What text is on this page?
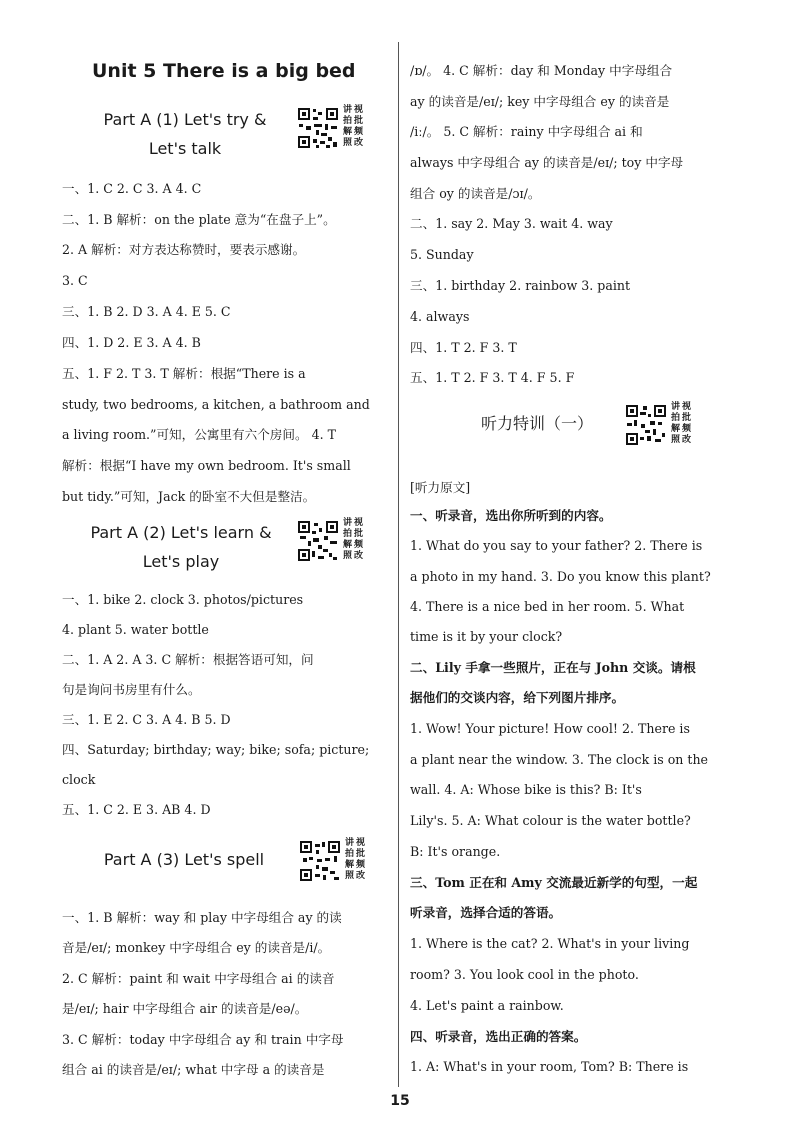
Unit 5 There is a big bed
Part A (1) Let's try &
Let's talk
讲
拍
解
照
视
批
频
改
一、1. C 2. C 3. A 4. C
二、1. B 解析：on the plate 意为“在盘子上”。
2. A 解析：对方表达称赞时，要表示感谢。
3. C
三、1. B 2. D 3. A 4. E 5. C
四、1. D 2. E 3. A 4. B
五、1. F 2. T 3. T 解析：根据“There is a
study, two bedrooms, a kitchen, a bathroom and
a living room.”可知，公寓里有六个房间。 4. T
解析：根据“I have my own bedroom. It's small
but tidy.”可知，Jack 的卧室不大但是整洁。
一、1. bike 2. clock 3. photos/pictures
4. plant 5. water bottle
二、1. A 2. A 3. C 解析：根据答语可知，问
句是询问书房里有什么。
三、1. E 2. C 3. A 4. B 5. D
四、Saturday; birthday; way; bike; sofa; picture;
clock
五、1. C 2. E 3. AB 4. D
一、1. B 解析：way 和 play 中字母组合 ay 的读
音是/eɪ/; monkey 中字母组合 ey 的读音是/i/。
2. C 解析：paint 和 wait 中字母组合 ai 的读音
是/eɪ/; hair 中字母组合 air 的读音是/eə/。
3. C 解析：today 中字母组合 ay 和 train 中字母
组合 ai 的读音是/eɪ/; what 中字母 a 的读音是
Part A (2) Let's learn &
Let's play
讲
拍
解
照
视
批
频
改
Part A (3) Let's spell
讲
拍
解
照
视
批
频
改
/ɒ/。 4. C 解析：day 和 Monday 中字母组合
ay 的读音是/eɪ/; key 中字母组合 ey 的读音是
/iː/。 5. C 解析：rainy 中字母组合 ai 和
always 中字母组合 ay 的读音是/eɪ/; toy 中字母
组合 oy 的读音是/ɔɪ/。
二、1. say 2. May 3. wait 4. way
5. Sunday
三、1. birthday 2. rainbow 3. paint
4. always
四、1. T 2. F 3. T
五、1. T 2. F 3. T 4. F 5. F
[听力原文]
一、听录音，选出你所听到的内容。
1. What do you say to your father? 2. There is
a photo in my hand. 3. Do you know this plant?
4. There is a nice bed in her room. 5. What
time is it by your clock?
二、Lily 手拿一些照片，正在与 John 交谈。请根
据他们的交谈内容，给下列图片排序。
1. Wow! Your picture! How cool! 2. There is
a plant near the window. 3. The clock is on the
wall. 4. A: Whose bike is this? B: It's
Lily's. 5. A: What colour is the water bottle?
B: It's orange.
三、Tom 正在和 Amy 交流最近新学的句型，一起
听录音，选择合适的答语。
1. Where is the cat? 2. What's in your living
room? 3. You look cool in the photo.
4. Let's paint a rainbow.
四、听录音，选出正确的答案。
1. A: What's in your room, Tom? B: There is
听力特训（一）
讲
拍
解
照
视
批
频
改
15
